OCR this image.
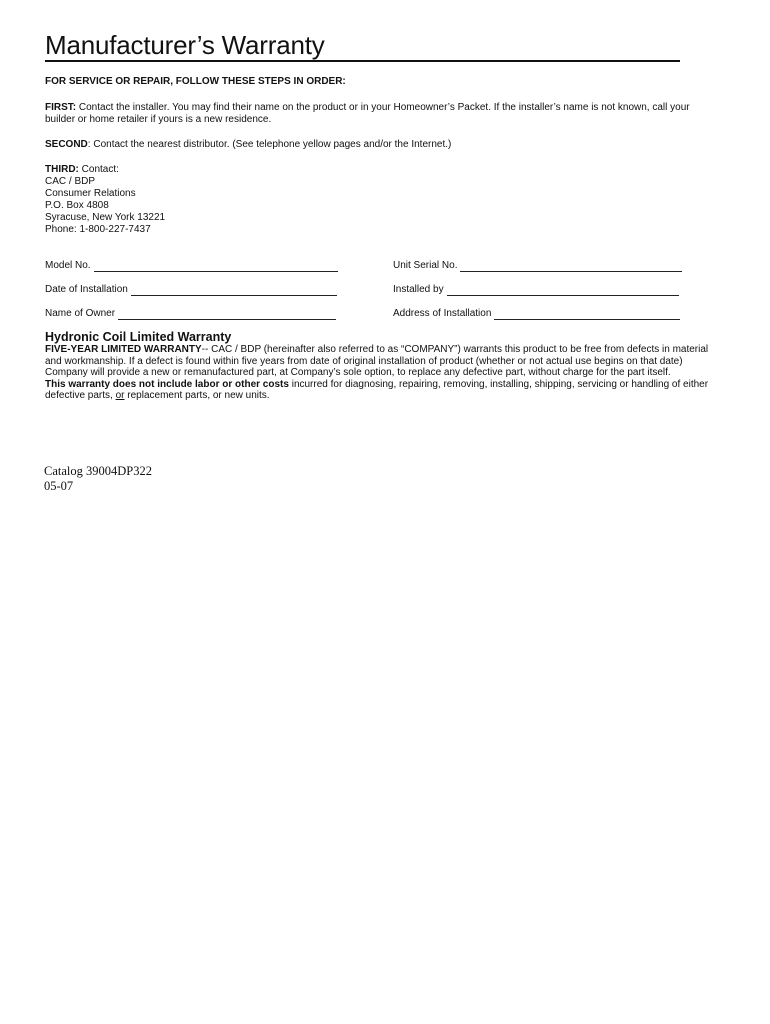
Manufacturer’s Warranty
FOR SERVICE OR REPAIR, FOLLOW THESE STEPS IN ORDER:

FIRST: Contact the installer. You may find their name on the product or in your Homeowner’s Packet. If the installer’s name is not known, call your builder or home retailer if yours is a new residence.

SECOND: Contact the nearest distributor. (See telephone yellow pages and/or the Internet.)

THIRD: Contact:
CAC / BDP
Consumer Relations
P.O. Box 4808
Syracuse, New York 13221
Phone: 1-800-227-7437
Model No.	Unit Serial No.
Date of Installation	Installed by
Name of Owner	Address of Installation
Hydronic Coil Limited Warranty

FIVE-YEAR LIMITED WARRANTY-- CAC / BDP (hereinafter also referred to as “COMPANY”) warrants this product to be free from defects in material and workmanship. If a defect is found within five years from date of original installation of product (whether or not actual use begins on that date) Company will provide a new or remanufactured part, at Company’s sole option, to replace any defective part, without charge for the part itself.

This warranty does not include labor or other costs incurred for diagnosing, repairing, removing, installing, shipping, servicing or handling of either defective parts, or replacement parts, or new units.

Catalog 39004DP322
05-07
